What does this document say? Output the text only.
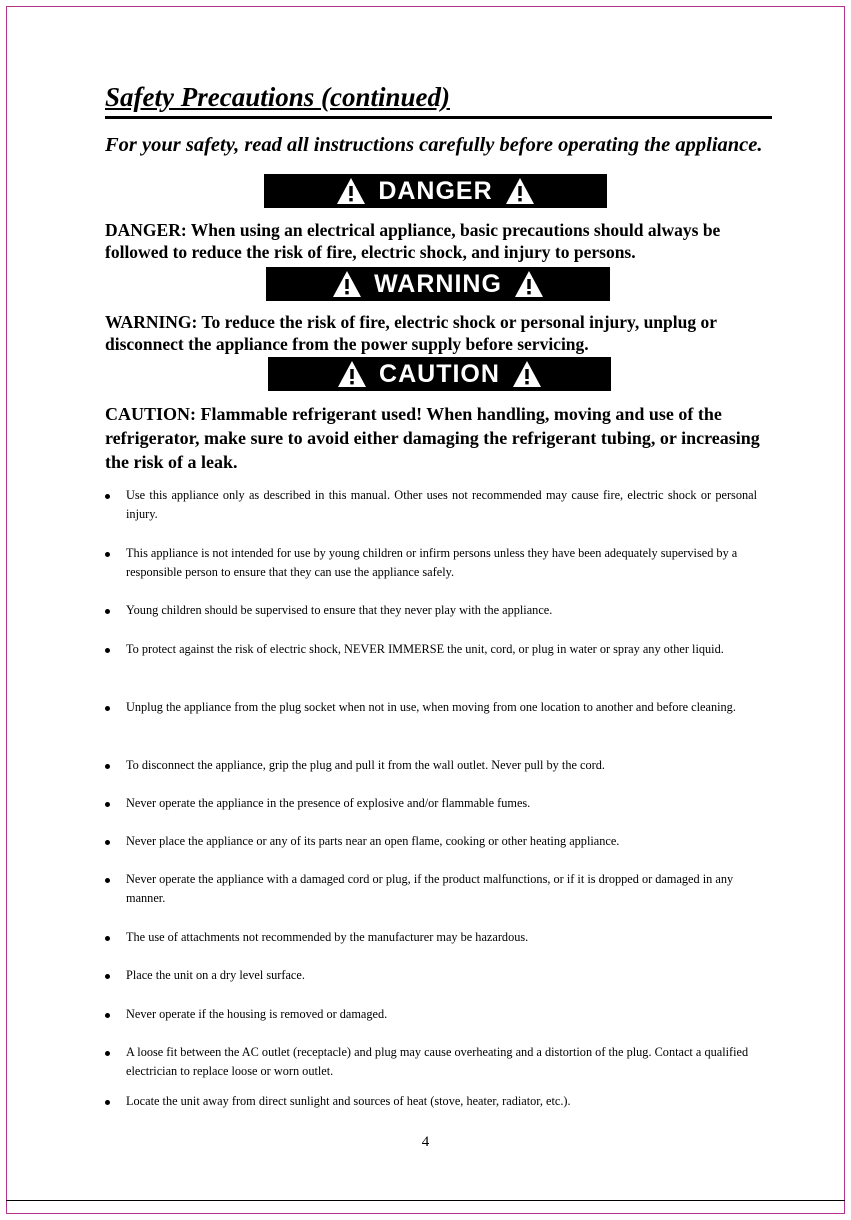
Safety Precautions (continued)
For your safety, read all instructions carefully before operating the appliance.
DANGER
DANGER: When using an electrical appliance, basic precautions should always be followed to reduce the risk of fire, electric shock, and injury to persons.
WARNING
WARNING: To reduce the risk of fire, electric shock or personal injury, unplug or disconnect the appliance from the power supply before servicing.
CAUTION
CAUTION: Flammable refrigerant used! When handling, moving and use of the refrigerator, make sure to avoid either damaging the refrigerant tubing, or increasing the risk of a leak.
Use this appliance only as described in this manual. Other uses not recommended may cause fire, electric shock or personal injury.
This appliance is not intended for use by young children or infirm persons unless they have been adequately supervised by a responsible person to ensure that they can use the appliance safely.
Young children should be supervised to ensure that they never play with the appliance.
To protect against the risk of electric shock, NEVER IMMERSE the unit, cord, or plug in water or spray any other liquid.
Unplug the appliance from the plug socket when not in use, when moving from one location to another and before cleaning.
To disconnect the appliance, grip the plug and pull it from the wall outlet. Never pull by the cord.
Never operate the appliance in the presence of explosive and/or flammable fumes.
Never place the appliance or any of its parts near an open flame, cooking or other heating appliance.
Never operate the appliance with a damaged cord or plug, if the product malfunctions, or if it is dropped or damaged in any manner.
The use of attachments not recommended by the manufacturer may be hazardous.
Place the unit on a dry level surface.
Never operate if the housing is removed or damaged.
A loose fit between the AC outlet (receptacle) and plug may cause overheating and a distortion of the plug. Contact a qualified electrician to replace loose or worn outlet.
Locate the unit away from direct sunlight and sources of heat (stove, heater, radiator, etc.).
4
